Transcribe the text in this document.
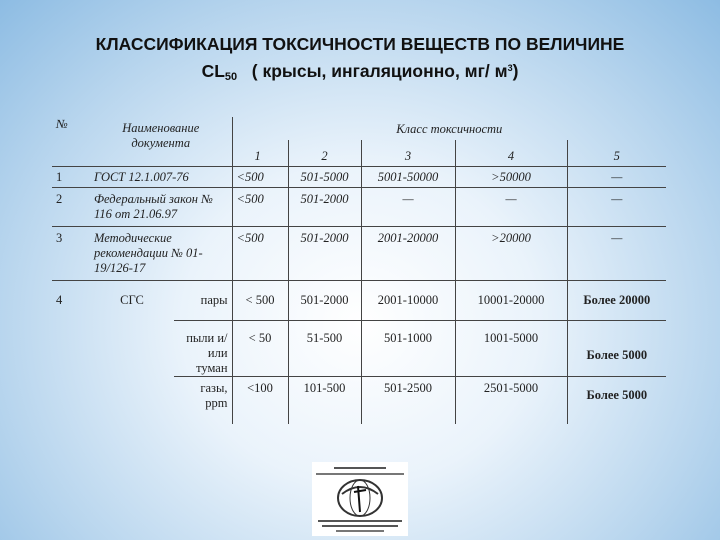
КЛАССИФИКАЦИЯ ТОКСИЧНОСТИ ВЕЩЕСТВ ПО ВЕЛИЧИНЕ
$CL_{50}$ ( крысы, ингаляционно, мг/ $м^3$)
№	Наименование документа		Класс токсичности				
			1	2	3	4	5
1	ГОСТ 12.1.007-76		<500	501-5000	5001-50000	>50000	—
2	Федеральный закон № 116 от 21.06.97		<500	501-2000	—	—	—
3	Методические рекомендации № 01-19/126-17		<500	501-2000	2001-20000	>20000	—
4	СГС	пары	< 500	501-2000	2001-10000	10001-20000	Более 20000
		пыли и/или туман	< 50	51-500	501-1000	1001-5000	Более 5000
		газы, ppm	<100	101-500	501-2500	2501-5000	Более 5000
